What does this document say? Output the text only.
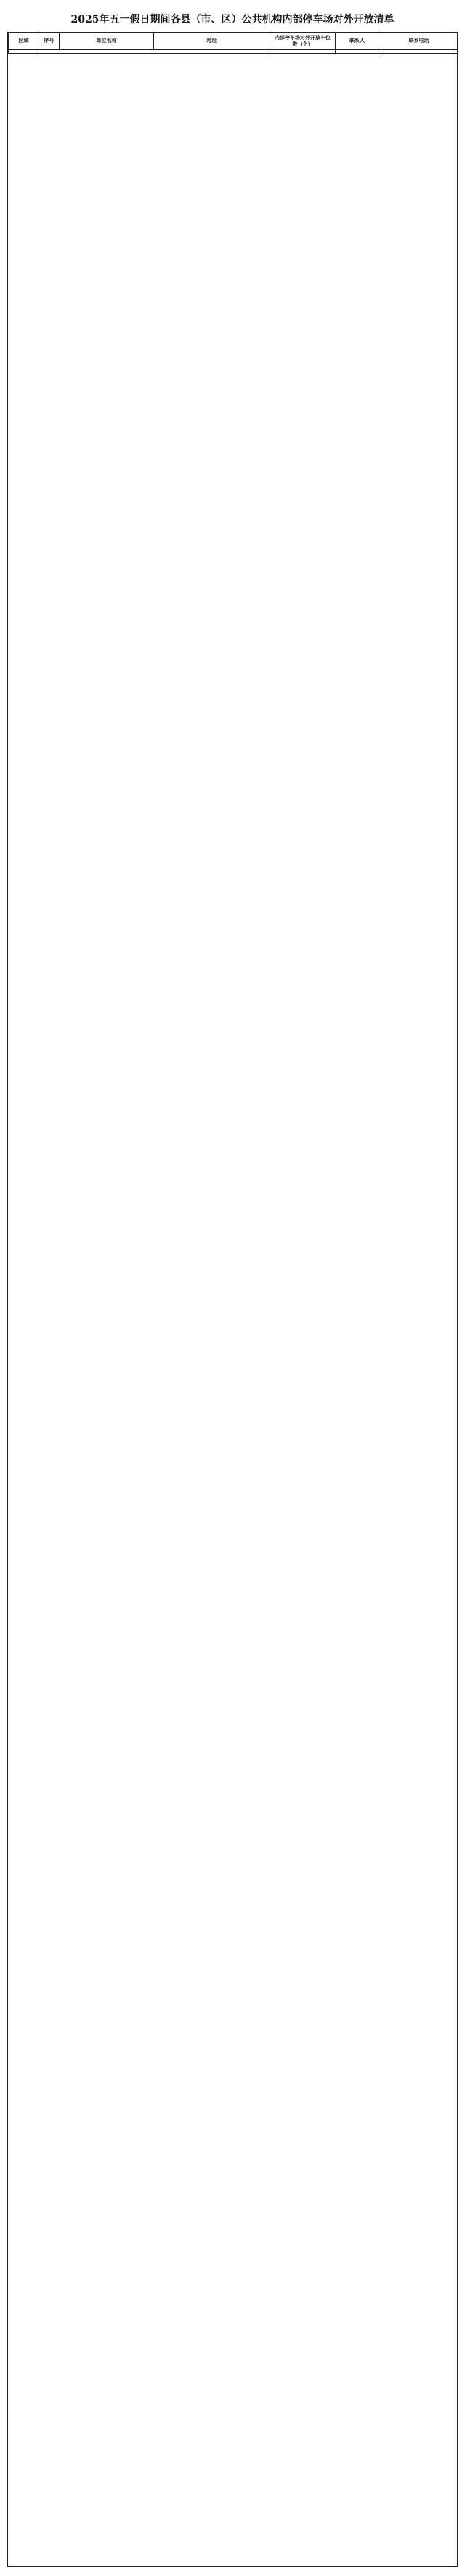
2025年五一假日期间各县（市、区）公共机构内部停车场对外开放清单
区域	序号	单位名称	地址	内部停车场对外开放车位数（个）	联系人	联系电话
